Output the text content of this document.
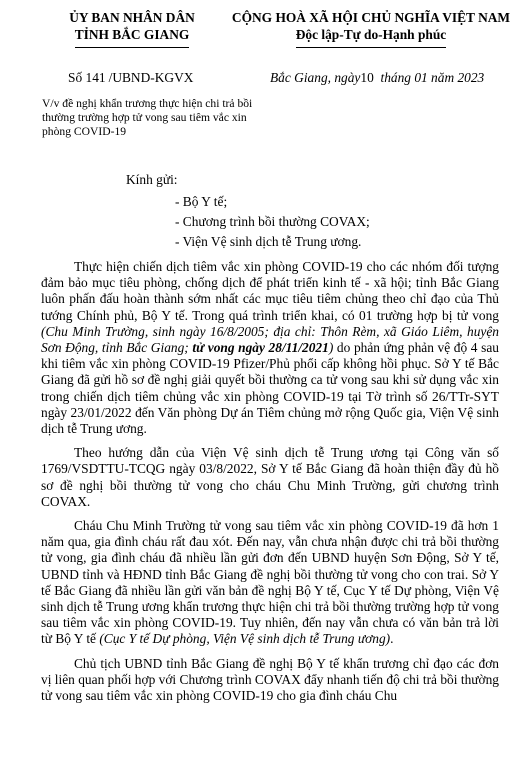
ỦY BAN NHÂN DÂN
TỈNH BẮC GIANG
CỘNG HOÀ XÃ HỘI CHỦ NGHĨA VIỆT NAM
Độc lập-Tự do-Hạnh phúc
Số 141 /UBND-KGVX	Bắc Giang, ngày10 tháng 01 năm 2023
V/v đề nghị khẩn trương thực hiện chi trả bồi thường trường hợp tử vong sau tiêm vắc xin phòng COVID-19
Kính gửi:
- Bộ Y tế;
- Chương trình bồi thường COVAX;
- Viện Vệ sinh dịch tễ Trung ương.

Thực hiện chiến dịch tiêm vắc xin phòng COVID-19 cho các nhóm đối tượng đảm bảo mục tiêu phòng, chống dịch để phát triển kinh tế - xã hội; tỉnh Bắc Giang luôn phấn đấu hoàn thành sớm nhất các mục tiêu tiêm chủng theo chỉ đạo của Thủ tướng Chính phủ, Bộ Y tế. Trong quá trình triển khai, có 01 trường hợp bị tử vong (Chu Minh Trường, sinh ngày 16/8/2005; địa chỉ: Thôn Rèm, xã Giáo Liêm, huyện Sơn Động, tỉnh Bắc Giang; tử vong ngày 28/11/2021) do phản ứng phản vệ độ 4 sau khi tiêm vắc xin phòng COVID-19 Pfizer/Phủ phổi cấp không hồi phục. Sở Y tế Bắc Giang đã gửi hồ sơ đề nghị giải quyết bồi thường ca tử vong sau khi sử dụng vắc xin trong chiến dịch tiêm chủng vắc xin phòng COVID-19 tại Tờ trình số 26/TTr-SYT ngày 23/01/2022 đến Văn phòng Dự án Tiêm chủng mở rộng Quốc gia, Viện Vệ sinh dịch tễ Trung ương.

Theo hướng dẫn của Viện Vệ sinh dịch tễ Trung ương tại Công văn số 1769/VSDTTU-TCQG ngày 03/8/2022, Sở Y tế Bắc Giang đã hoàn thiện đầy đủ hồ sơ đề nghị bồi thường tử vong cho cháu Chu Minh Trường, gửi chương trình COVAX.

Cháu Chu Minh Trường tử vong sau tiêm vắc xin phòng COVID-19 đã hơn 1 năm qua, gia đình cháu rất đau xót. Đến nay, vẫn chưa nhận được chi trả bồi thường tử vong, gia đình cháu đã nhiều lần gửi đơn đến UBND huyện Sơn Động, Sở Y tế, UBND tỉnh và HĐND tỉnh Bắc Giang đề nghị bồi thường tử vong cho con trai. Sở Y tế Bắc Giang đã nhiều lần gửi văn bản đề nghị Bộ Y tế, Cục Y tế Dự phòng, Viện Vệ sinh dịch tễ Trung ương khẩn trương thực hiện chi trả bồi thường trường hợp tử vong sau tiêm vắc xin phòng COVID-19. Tuy nhiên, đến nay vẫn chưa có văn bản trả lời từ Bộ Y tế (Cục Y tế Dự phòng, Viện Vệ sinh dịch tễ Trung ương).

Chủ tịch UBND tỉnh Bắc Giang đề nghị Bộ Y tế khẩn trương chỉ đạo các đơn vị liên quan phối hợp với Chương trình COVAX đẩy nhanh tiến độ chi trả bồi thường tử vong sau tiêm vắc xin phòng COVID-19 cho gia đình cháu Chu
